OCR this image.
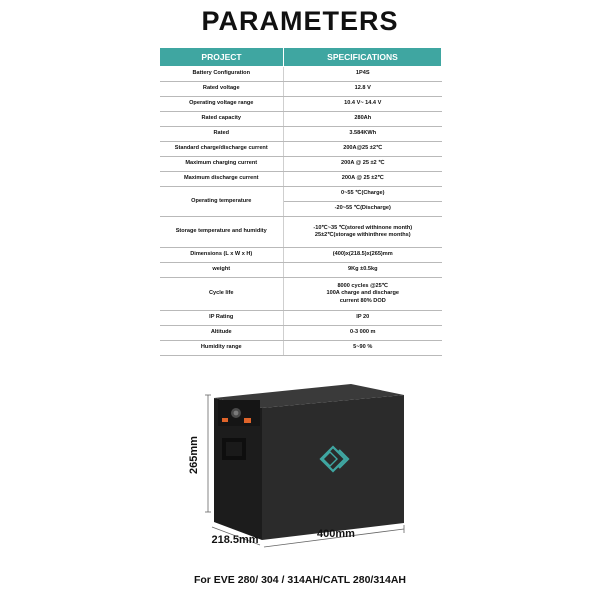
PARAMETERS
PROJECT	SPECIFICATIONS
Battery Configuration	1P4S
Rated voltage	12.8 V
Operating voltage range	10.4 V~ 14.4 V
Rated capacity	280Ah
Rated	3.584KWh
Standard charge/discharge current	200A@25 ±2℃
Maximum charging current	200A @ 25 ±2 ℃
Maximum discharge current	200A @ 25 ±2℃
Operating temperature	0~55 ℃(Charge)
	-20~55 ℃(Discharge)
Storage temperature and humidity	-10℃~35 ℃(stored withinone month)
25±2℃(storage withinthree months)

Dimensions (L x W x H)	(400)x(218.5)x(265)mm
weight	9Kg ±0.5kg
Cycle life	8000 cycles @25℃
100A charge and discharge
current 80% DOD

IP Rating	IP 20
Altitude	0-3 000 m
Humidity range	5~90 %
265mm
218.5mm	400mm
For EVE 280/ 304 / 314AH/CATL 280/314AH
